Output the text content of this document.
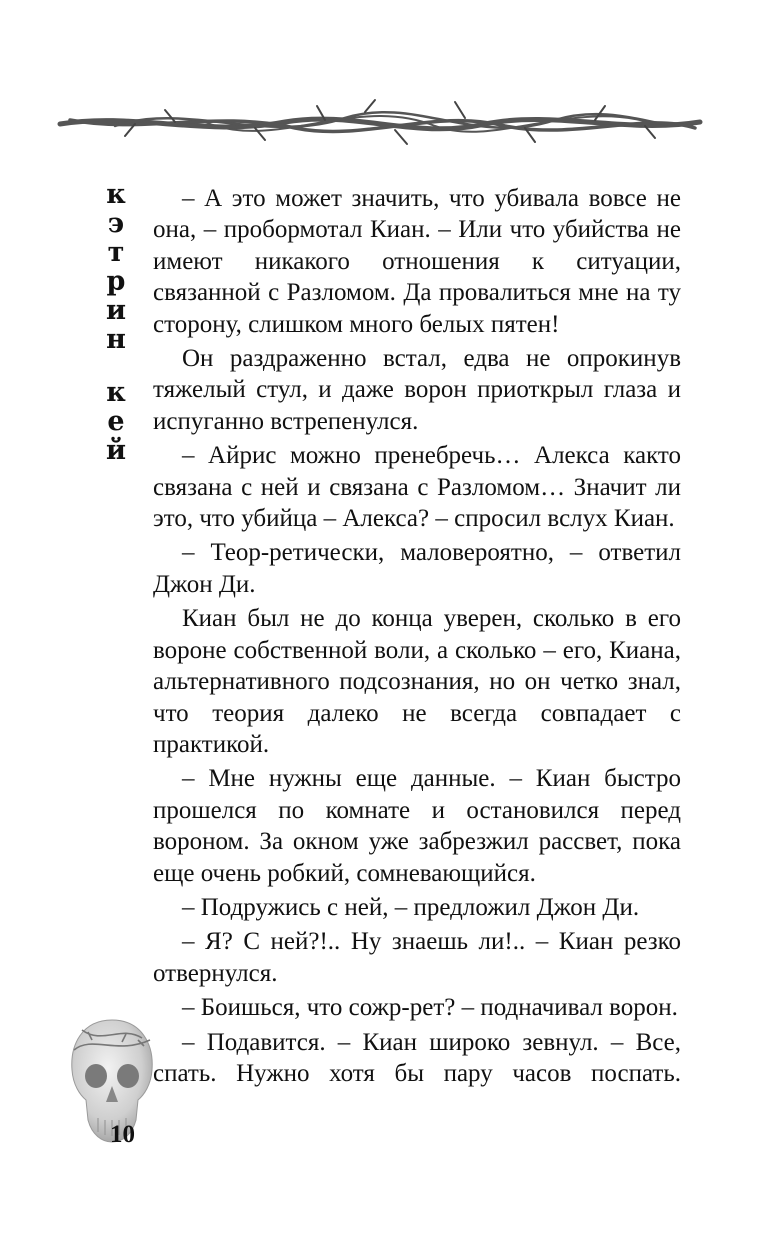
к
э
т
р
и
н
к
е
й

– А это может значить, что убивала вовсе не она, – пробормотал Киан. – Или что убийства не имеют никакого отношения к ситуации, связанной с Разломом. Да провалиться мне на ту сторону, слишком много белых пятен!

Он раздраженно встал, едва не опрокинув тяжелый стул, и даже ворон приоткрыл глаза и испуганно встрепенулся.

– Айрис можно пренебречь… Алекса както связана с ней и связана с Разломом… Значит ли это, что убийца – Алекса? – спросил вслух Киан.

– Теор-ретически, маловероятно, – ответил Джон Ди.

Киан был не до конца уверен, сколько в его вороне собственной воли, а сколько – его, Киана, альтернативного подсознания, но он четко знал, что теория далеко не всегда совпадает с практикой.

– Мне нужны еще данные. – Киан быстро прошелся по комнате и остановился перед вороном. За окном уже забрезжил рассвет, пока еще очень робкий, сомневающийся.

– Подружись с ней, – предложил Джон Ди.

– Я? С ней?!.. Ну знаешь ли!.. – Киан резко отвернулся.

– Боишься, что сожр-рет? – подначивал ворон.

– Подавится. – Киан широко зевнул. – Все, спать. Нужно хотя бы пару часов поспать.

10
